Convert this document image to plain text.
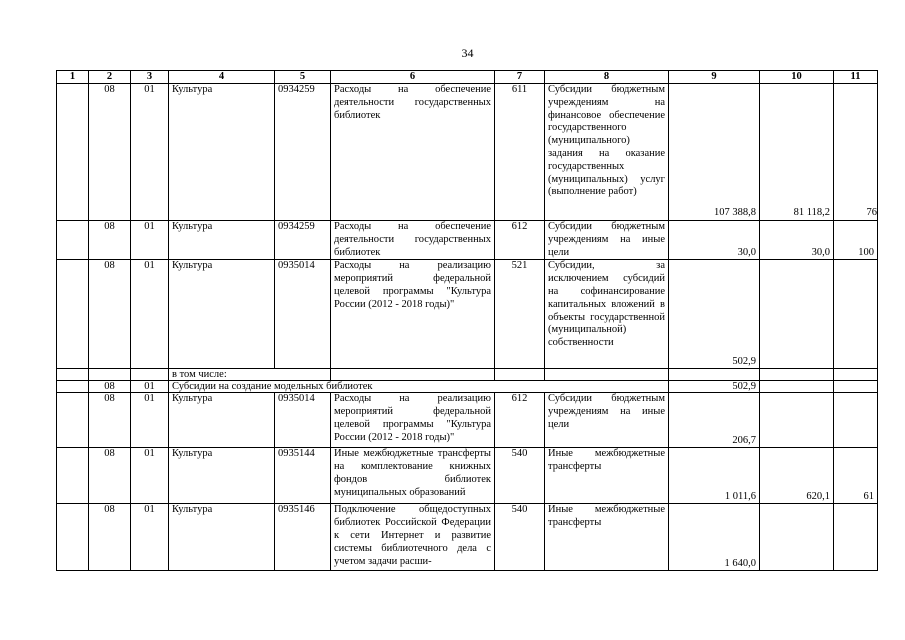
34
1	2	3	4	5	6	7	8	9	10	11
	08	01	Культура	0934259	Расходы на обеспечение деятельности государственных библиотек	611	Субсидии бюджетным учреждениям на финансовое обеспечение государственного (муниципального) задания на оказание государственных (муниципальных) услуг (выполнение работ)	107 388,8	81 118,2	76
	08	01	Культура	0934259	Расходы на обеспечение деятельности государственных библиотек	612	Субсидии бюджетным учреждениям на иные цели	30,0	30,0	100
	08	01	Культура	0935014	Расходы на реализацию мероприятий федеральной целевой программы "Культура России (2012 - 2018 годы)"	521	Субсидии, за исключением субсидий на софинансирование капитальных вложений в объекты государственной (муниципальной) собственности	502,9		
			в том числе:							
	08	01	Субсидии на создание модельных библиотек					502,9		
	08	01	Культура	0935014	Расходы на реализацию мероприятий федеральной целевой программы "Культура России (2012 - 2018 годы)"	612	Субсидии бюджетным учреждениям на иные цели	206,7		
	08	01	Культура	0935144	Иные межбюджетные трансферты на комплектование книжных фондов библиотек муниципальных образований	540	Иные межбюджетные трансферты	1 011,6	620,1	61
	08	01	Культура	0935146	Подключение общедоступных библиотек Российской Федерации к сети Интернет и развитие системы библиотечного дела с учетом задачи расши-	540	Иные межбюджетные трансферты	1 640,0		
